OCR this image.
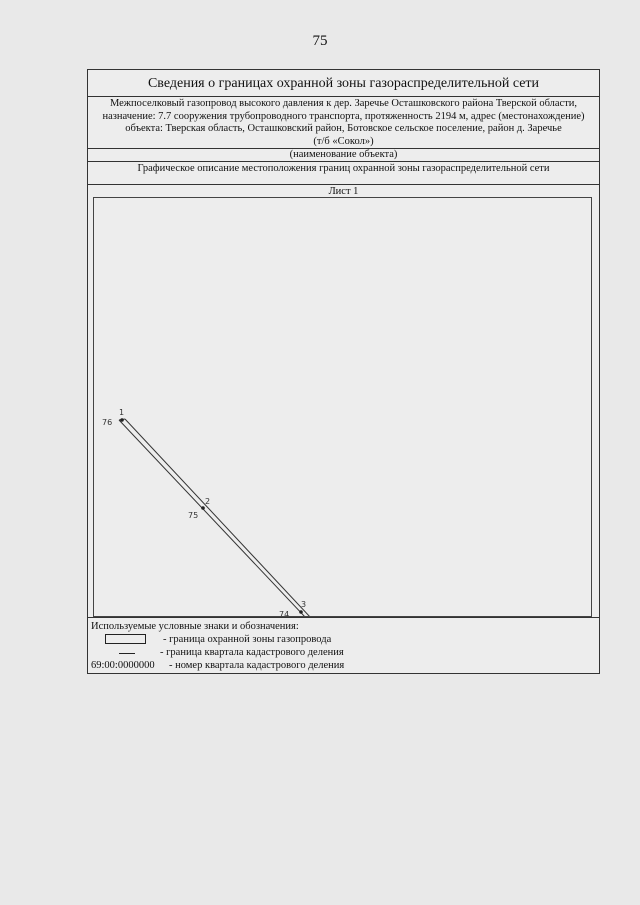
75
Сведения о границах охранной зоны газораспределительной сети
Межпоселковый газопровод высокого давления к дер. Заречье Осташковского района Тверской области,
назначение: 7.7 сооружения трубопроводного транспорта, протяженность 2194 м, адрес (местонахождение)
объекта: Тверская область, Осташковский район, Ботовское сельское поселение, район д. Заречье
(т/б «Сокол»)
(наименование объекта)
Графическое описание местоположения границ охранной зоны газораспределительной сети
Лист 1
1
76
2
75
3
74
Используемые условные знаки и обозначения:
- граница охранной зоны газопровода
- граница квартала кадастрового деления
69:00:0000000 - номер квартала кадастрового деления
